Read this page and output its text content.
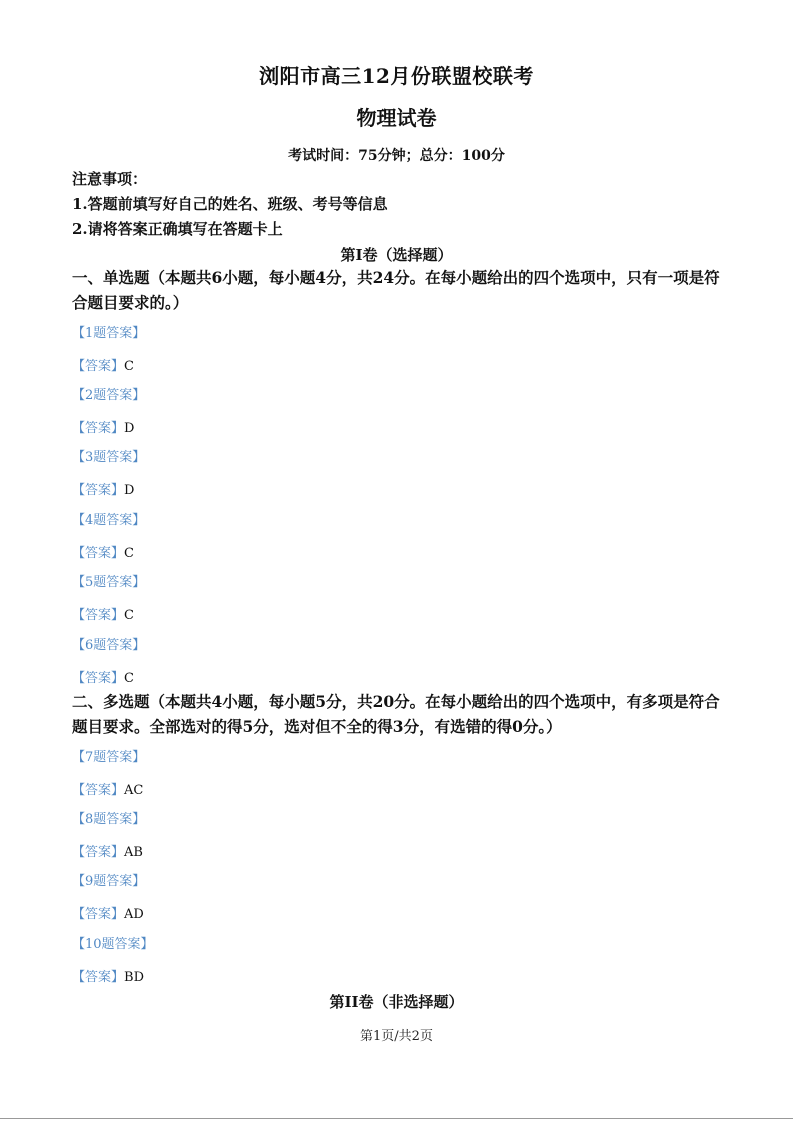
浏阳市高三12月份联盟校联考
物理试卷
考试时间：75分钟；总分：100分
注意事项：
1.答题前填写好自己的姓名、班级、考号等信息
2.请将答案正确填写在答题卡上
第I卷（选择题）
一、单选题（本题共6小题，每小题4分，共24分。在每小题给出的四个选项中，只有一项是符合题目要求的。）
【1题答案】
【答案】C
【2题答案】
【答案】D
【3题答案】
【答案】D
【4题答案】
【答案】C
【5题答案】
【答案】C
【6题答案】
【答案】C
二、多选题（本题共4小题，每小题5分，共20分。在每小题给出的四个选项中，有多项是符合题目要求。全部选对的得5分，选对但不全的得3分，有选错的得0分。）
【7题答案】
【答案】AC
【8题答案】
【答案】AB
【9题答案】
【答案】AD
【10题答案】
【答案】BD
第II卷（非选择题）
第1页/共2页
